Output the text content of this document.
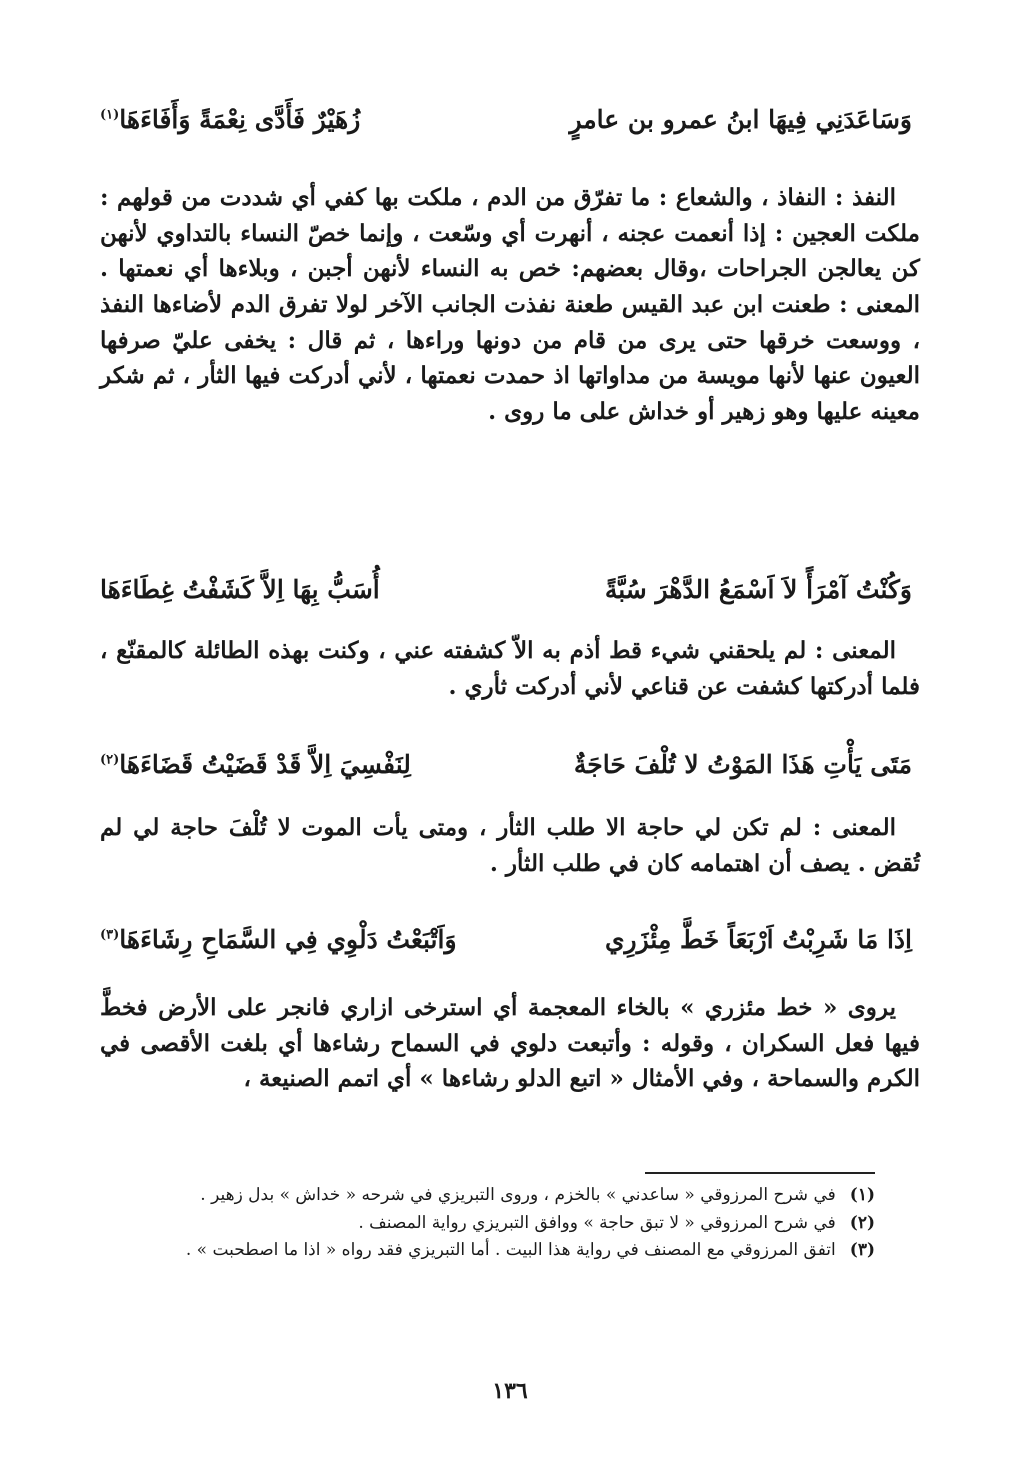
وَسَاعَدَنِي فِيهَا ابنُ عمرو بن عامرٍ
زُهَيْرٌ فَأَدَّى نِعْمَةً وَأَفَاءَهَا$^{(١)}$

النفذ : النفاذ ، والشعاع : ما تفرّق من الدم ، ملكت بها كفي أي شددت من قولهم : ملكت العجين : إذا أنعمت عجنه ، أنهرت أي وسّعت ، وإنما خصّ النساء بالتداوي لأنهن كن يعالجن الجراحات ،وقال بعضهم: خص به النساء لأنهن أجبن ، وبلاءها أي نعمتها . المعنى : طعنت ابن عبد القيس طعنة نفذت الجانب الآخر لولا تفرق الدم لأضاءها النفذ ، ووسعت خرقها حتى يرى من قام من دونها وراءها ، ثم قال : يخفى عليّ صرفها العيون عنها لأنها مويسة من مداواتها اذ حمدت نعمتها ، لأني أدركت فيها الثأر ، ثم شكر معينه عليها وهو زهير أو خداش على ما روى .

وَكُنْتُ آمْرَأً لاَ اَسْمَعُ الدَّهْرَ سُبَّةً
أُسَبُّ بِهَا اِلاَّ كَشَفْتُ غِطَاءَهَا

المعنى : لم يلحقني شيء قط أذم به الاّ كشفته عني ، وكنت بهذه الطائلة كالمقنّع ، فلما أدركتها كشفت عن قناعي لأني أدركت ثأري .

مَتَى يَأْتِ هَذَا المَوْتُ لا تُلْفَ حَاجَةٌ
لِنَفْسِيَ اِلاَّ قَدْ قَضَيْتُ قَضَاءَهَا$^{(٢)}$

المعنى : لم تكن لي حاجة الا طلب الثأر ، ومتى يأت الموت لا تُلْفَ حاجة لي لم تُقض . يصف أن اهتمامه كان في طلب الثأر .

اِذَا مَا شَرِبْتُ اَرْبَعَاً خَطَّ مِئْزَرِي
وَاَتْبَعْتُ دَلْوِي فِي السَّمَاحِ رِشَاءَهَا$^{(٣)}$

يروى « خط مئزري » بالخاء المعجمة أي استرخى ازاري فانجر على الأرض فخطَّ فيها فعل السكران ، وقوله : وأتبعت دلوي في السماح رشاءها أي بلغت الأقصى في الكرم والسماحة ، وفي الأمثال « اتبع الدلو رشاءها » أي اتمم الصنيعة ،

(١)
في شرح المرزوقي « ساعدني » بالخزم ، وروى التبريزي في شرحه « خداش » بدل زهير .
(٢)
في شرح المرزوقي « لا تبق حاجة » ووافق التبريزي رواية المصنف .
(٣)
اتفق المرزوقي مع المصنف في رواية هذا البيت . أما التبريزي فقد رواه « اذا ما اصطحبت » .
١٣٦
